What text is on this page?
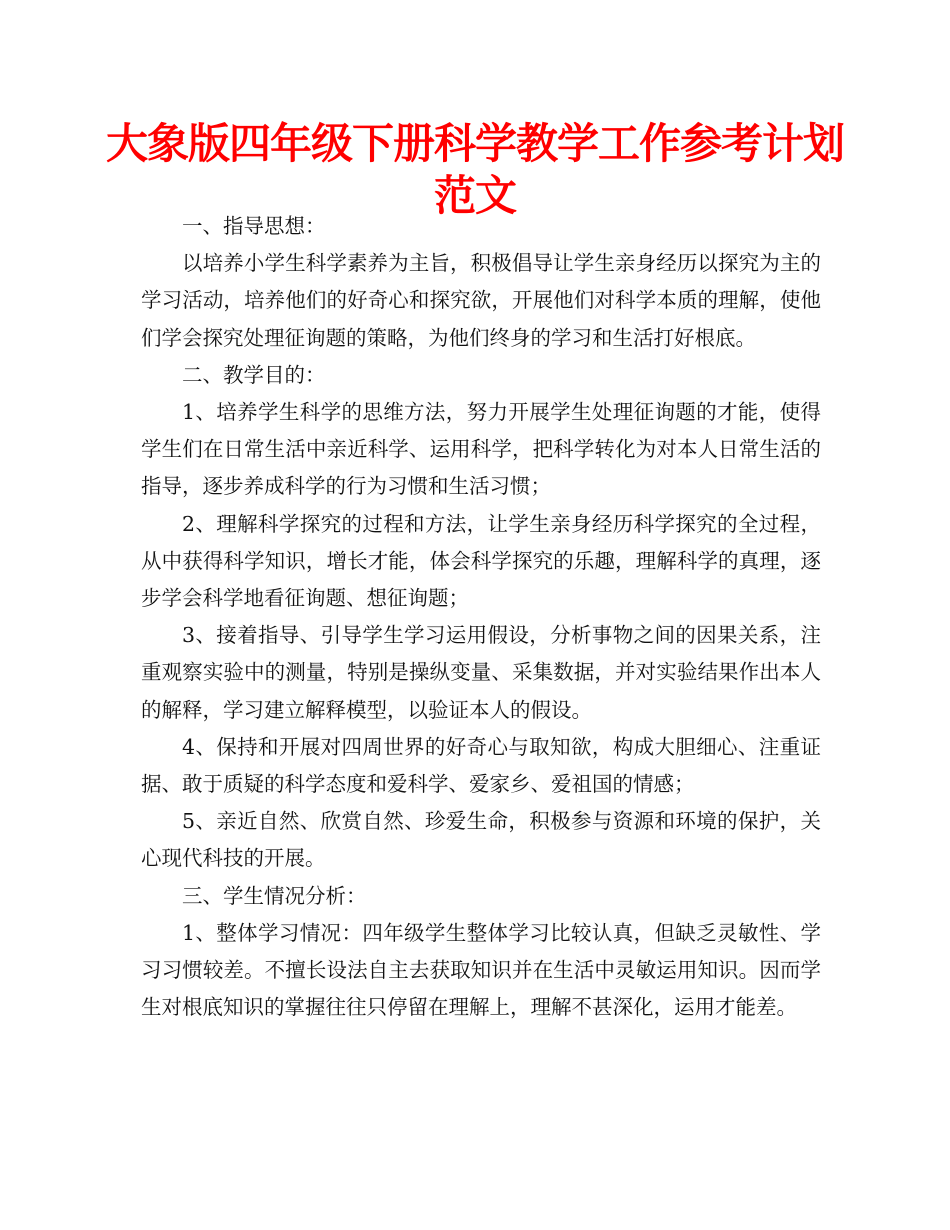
大象版四年级下册科学教学工作参考计划范文

一、指导思想：

以培养小学生科学素养为主旨，积极倡导让学生亲身经历以探究为主的学习活动，培养他们的好奇心和探究欲，开展他们对科学本质的理解，使他们学会探究处理征询题的策略，为他们终身的学习和生活打好根底。

二、教学目的：

1、培养学生科学的思维方法，努力开展学生处理征询题的才能，使得学生们在日常生活中亲近科学、运用科学，把科学转化为对本人日常生活的指导，逐步养成科学的行为习惯和生活习惯；

2、理解科学探究的过程和方法，让学生亲身经历科学探究的全过程，从中获得科学知识，增长才能，体会科学探究的乐趣，理解科学的真理，逐步学会科学地看征询题、想征询题；

3、接着指导、引导学生学习运用假设，分析事物之间的因果关系，注重观察实验中的测量，特别是操纵变量、采集数据，并对实验结果作出本人的解释，学习建立解释模型，以验证本人的假设。

4、保持和开展对四周世界的好奇心与取知欲，构成大胆细心、注重证据、敢于质疑的科学态度和爱科学、爱家乡、爱祖国的情感；

5、亲近自然、欣赏自然、珍爱生命，积极参与资源和环境的保护，关心现代科技的开展。

三、学生情况分析：

1、整体学习情况：四年级学生整体学习比较认真，但缺乏灵敏性、学习习惯较差。不擅长设法自主去获取知识并在生活中灵敏运用知识。因而学生对根底知识的掌握往往只停留在理解上，理解不甚深化，运用才能差。
